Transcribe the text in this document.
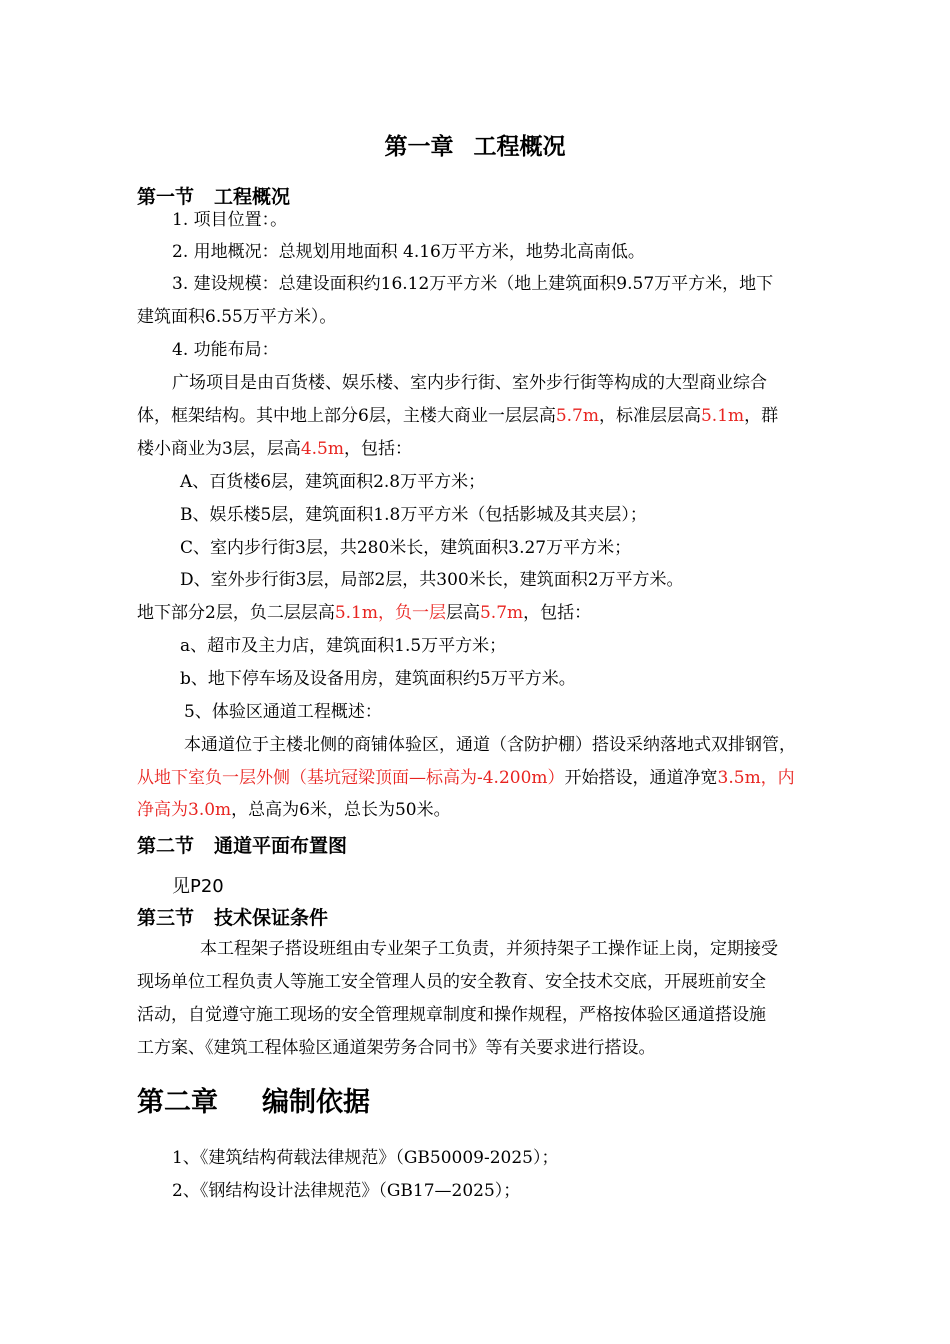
第一章 工程概况
第一节 工程概况
1. 项目位置：。
2. 用地概况：总规划用地面积 4.16万平方米，地势北高南低。
3. 建设规模：总建设面积约16.12万平方米（地上建筑面积9.57万平方米，地下
建筑面积6.55万平方米）。
4. 功能布局：
广场项目是由百货楼、娱乐楼、室内步行街、室外步行街等构成的大型商业综合
体，框架结构。其中地上部分6层，主楼大商业一层层高5.7m，标准层层高5.1m，群
楼小商业为3层，层高4.5m，包括：
A、百货楼6层，建筑面积2.8万平方米；
B、娱乐楼5层，建筑面积1.8万平方米（包括影城及其夹层）；
C、室内步行街3层，共280米长，建筑面积3.27万平方米；
D、室外步行街3层，局部2层，共300米长，建筑面积2万平方米。
地下部分2层，负二层层高5.1m，负一层层高5.7m，包括：
a、超市及主力店，建筑面积1.5万平方米；
b、地下停车场及设备用房，建筑面积约5万平方米。
5、体验区通道工程概述：
本通道位于主楼北侧的商铺体验区，通道（含防护棚）搭设采纳落地式双排钢管，
从地下室负一层外侧（基坑冠梁顶面—标高为-4.200m）开始搭设，通道净宽3.5m，内
净高为3.0m，总高为6米，总长为50米。
第二节 通道平面布置图
见P20
第三节 技术保证条件
本工程架子搭设班组由专业架子工负责，并须持架子工操作证上岗，定期接受
现场单位工程负责人等施工安全管理人员的安全教育、安全技术交底，开展班前安全
活动，自觉遵守施工现场的安全管理规章制度和操作规程，严格按体验区通道搭设施
工方案、《建筑工程体验区通道架劳务合同书》等有关要求进行搭设。
第二章 编制依据
1、《建筑结构荷载法律规范》（GB50009-2025）；
2、《钢结构设计法律规范》（GB17—2025）；
